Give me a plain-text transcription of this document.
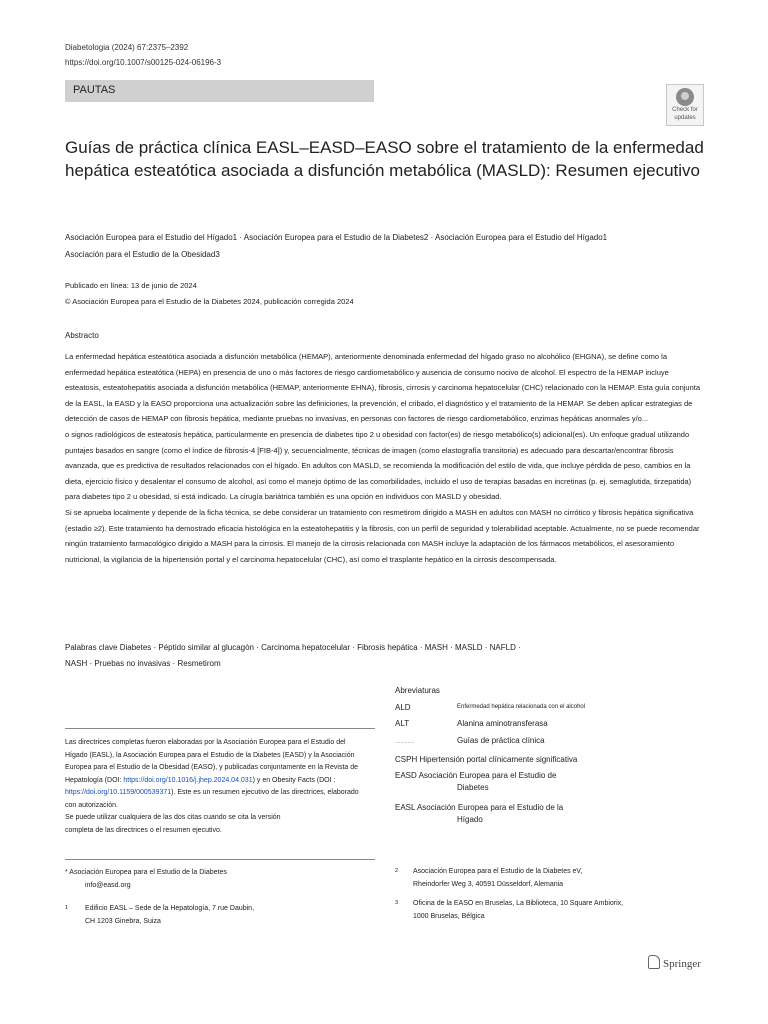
Diabetologia (2024) 67:2375–2392
https://doi.org/10.1007/s00125-024-06196-3
PAUTAS
Check for
updates
Guías de práctica clínica EASL–EASD–EASO sobre el tratamiento de la enfermedad hepática esteatótica asociada a disfunción metabólica (MASLD): Resumen ejecutivo
Asociación Europea para el Estudio del Hígado1 · Asociación Europea para el Estudio de la Diabetes2 · Asociación Europea para el Estudio del Hígado1
Asociación para el Estudio de la Obesidad3
Publicado en línea: 13 de junio de 2024
© Asociación Europea para el Estudio de la Diabetes 2024, publicación corregida 2024
Abstracto

La enfermedad hepática esteatótica asociada a disfunción metabólica (HEMAP), anteriormente denominada enfermedad del hígado graso no alcohólico (EHGNA), se define como la enfermedad hepática esteatótica (HEPA) en presencia de uno o más factores de riesgo cardiometabólico y ausencia de consumo nocivo de alcohol. El espectro de la HEMAP incluye esteatosis, esteatohepatitis asociada a disfunción metabólica (HEMAP, anteriormente EHNA), fibrosis, cirrosis y carcinoma hepatocelular (CHC) relacionado con la HEMAP. Esta guía conjunta de la EASL, la EASD y la EASO proporciona una actualización sobre las definiciones, la prevención, el cribado, el diagnóstico y el tratamiento de la HEMAP. Se deben aplicar estrategias de detección de casos de HEMAP con fibrosis hepática, mediante pruebas no invasivas, en personas con factores de riesgo cardiometabólico, enzimas hepáticas anormales y/o...

o signos radiológicos de esteatosis hepática, particularmente en presencia de diabetes tipo 2 u obesidad con factor(es) de riesgo metabólico(s) adicional(es). Un enfoque gradual utilizando puntajes basados en sangre (como el índice de fibrosis-4 [FIB-4]) y, secuencialmente, técnicas de imagen (como elastografía transitoria) es adecuado para descartar/encontrar fibrosis avanzada, que es predictiva de resultados relacionados con el hígado. En adultos con MASLD, se recomienda la modificación del estilo de vida, que incluye pérdida de peso, cambios en la dieta, ejercicio físico y desalentar el consumo de alcohol, así como el manejo óptimo de las comorbilidades, incluido el uso de terapias basadas en incretinas (p. ej. semaglutida, tirzepatida) para diabetes tipo 2 u obesidad, si está indicado. La cirugía bariátrica también es una opción en individuos con MASLD y obesidad.

Si se aprueba localmente y depende de la ficha técnica, se debe considerar un tratamiento con resmetirom dirigido a MASH en adultos con MASH no cirrótico y fibrosis hepática significativa (estadio ≥2). Este tratamiento ha demostrado eficacia histológica en la esteatohepatitis y la fibrosis, con un perfil de seguridad y tolerabilidad aceptable. Actualmente, no se puede recomendar ningún tratamiento farmacológico dirigido a MASH para la cirrosis. El manejo de la cirrosis relacionada con MASH incluye la adaptación de los fármacos metabólicos, el asesoramiento nutricional, la vigilancia de la hipertensión portal y el carcinoma hepatocelular (CHC), así como el trasplante hepático en la cirrosis descompensada.

Palabras clave Diabetes · Péptido similar al glucagón · Carcinoma hepatocelular · Fibrosis hepática · MASH · MASLD · NAFLD ·
NASH · Pruebas no invasivas · Resmetirom

Las directrices completas fueron elaboradas por la Asociación Europea para el Estudio del Hígado (EASL), la Asociación Europea para el Estudio de la Diabetes (EASD) y la Asociación Europea para el Estudio de la Obesidad (EASO), y publicadas conjuntamente en la Revista de Hepatología (DOI: https://doi.org/10.1016/j.jhep.2024.04.031) y en Obesity Facts (DOI : https://doi.org/10.1159/000539371). Este es un resumen ejecutivo de las directrices, elaborado con autorización.

Se puede utilizar cualquiera de las dos citas cuando se cita la versión

completa de las directrices o el resumen ejecutivo.

* Asociación Europea para el Estudio de la Diabetes
info@easd.org
1	Edificio EASL – Sede de la Hepatología, 7 rue Daubin,
CH 1203 Ginebra, Suiza
Abreviaturas
ALD	Enfermedad hepática relacionada con el alcohol
ALT	Alanina aminotransferasa
..............	Guías de práctica clínica
CSPH Hipertensión portal clínicamente significativa
EASD Asociación Europea para el Estudio de
Diabetes
EASL Asociación Europea para el Estudio de la
Hígado
2	Asociación Europea para el Estudio de la Diabetes eV,
Rheindorfer Weg 3, 40591 Düsseldorf, Alemania
3	Oficina de la EASO en Bruselas, La Biblioteca, 10 Square Ambiorix,
1000 Bruselas, Bélgica
Springer
